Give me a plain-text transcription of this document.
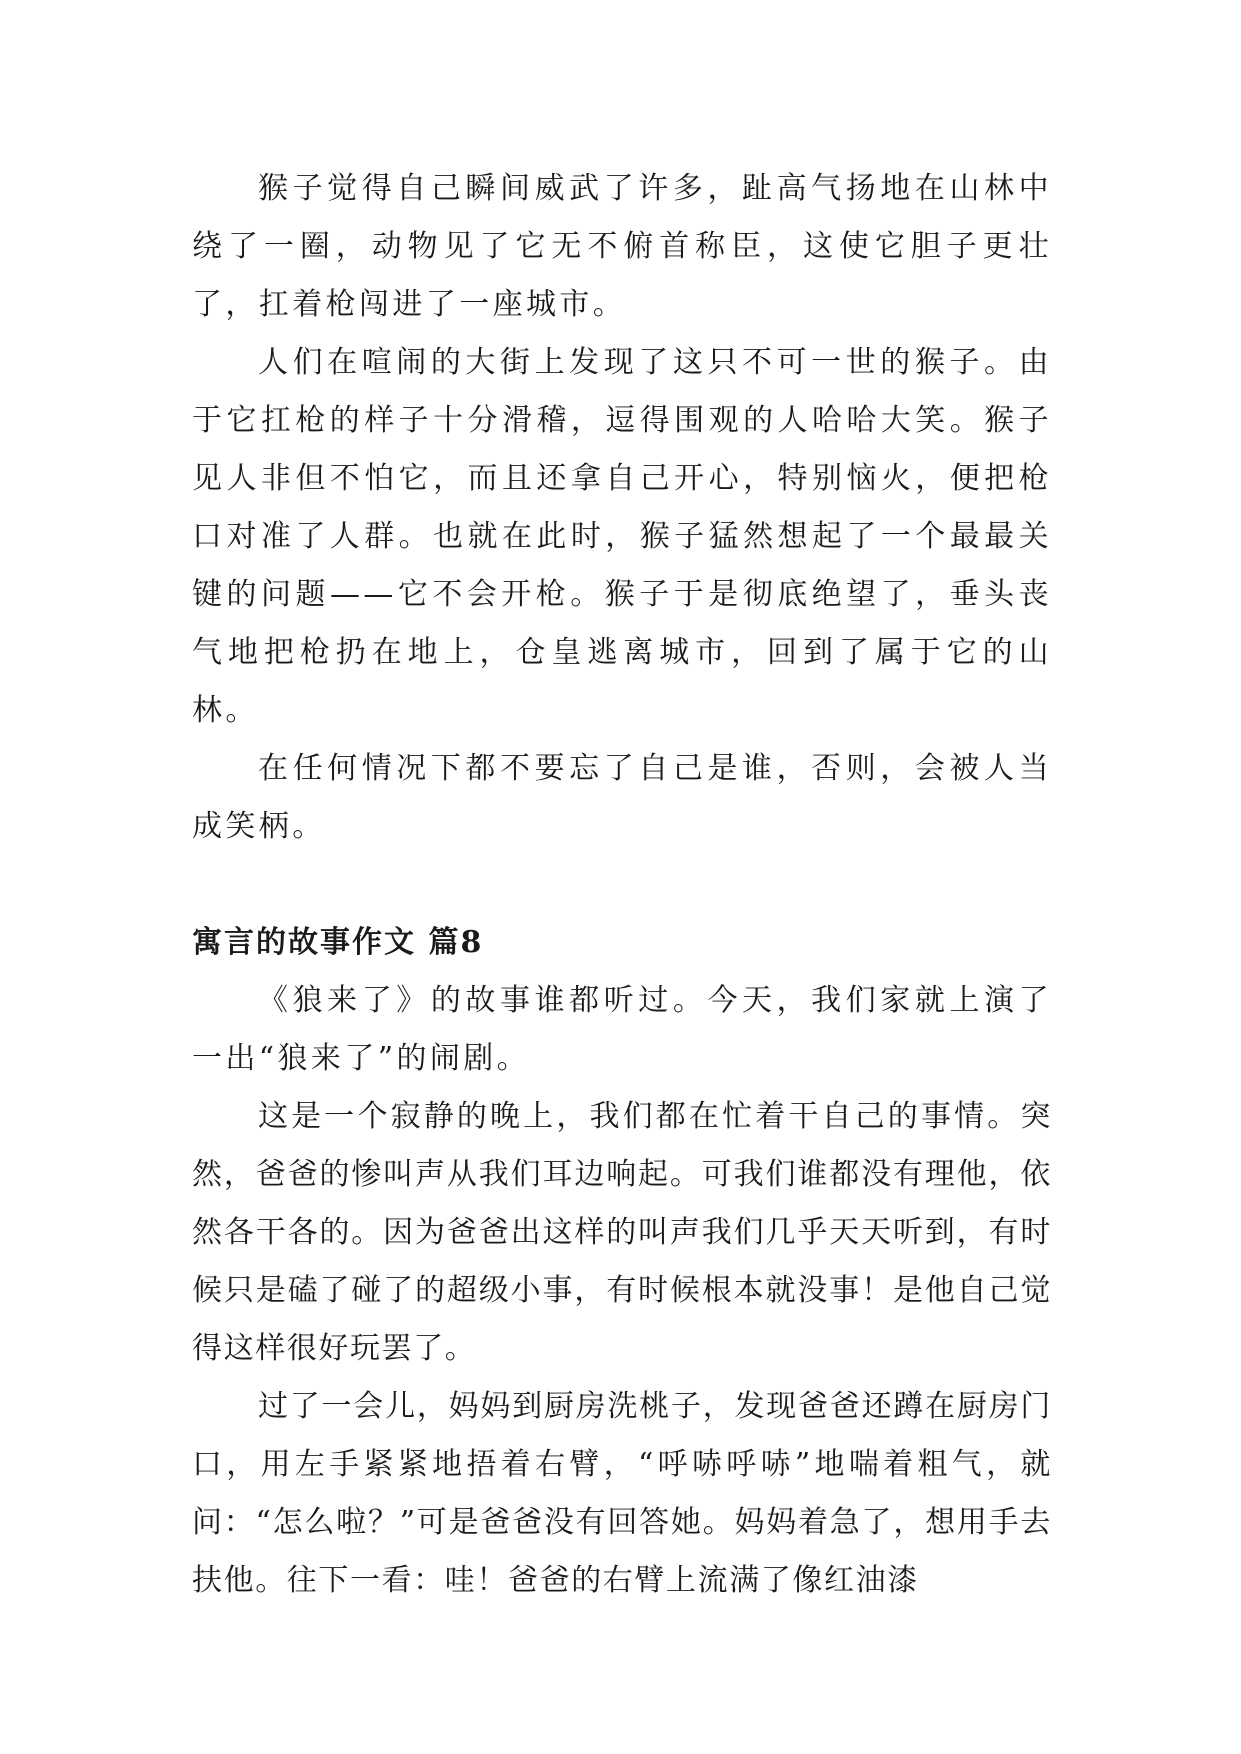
猴子觉得自己瞬间威武了许多，趾高气扬地在山林中绕了一圈，动物见了它无不俯首称臣，这使它胆子更壮了，扛着枪闯进了一座城市。

人们在喧闹的大街上发现了这只不可一世的猴子。由于它扛枪的样子十分滑稽，逗得围观的人哈哈大笑。猴子见人非但不怕它，而且还拿自己开心，特别恼火，便把枪口对准了人群。也就在此时，猴子猛然想起了一个最最关键的问题——它不会开枪。猴子于是彻底绝望了，垂头丧气地把枪扔在地上，仓皇逃离城市，回到了属于它的山林。

在任何情况下都不要忘了自己是谁，否则，会被人当成笑柄。

寓言的故事作文 篇8

《狼来了》的故事谁都听过。今天，我们家就上演了一出“狼来了”的闹剧。

这是一个寂静的晚上，我们都在忙着干自己的事情。突然，爸爸的惨叫声从我们耳边响起。可我们谁都没有理他，依然各干各的。因为爸爸出这样的叫声我们几乎天天听到，有时候只是磕了碰了的超级小事，有时候根本就没事！是他自己觉得这样很好玩罢了。

过了一会儿，妈妈到厨房洗桃子，发现爸爸还蹲在厨房门口，用左手紧紧地捂着右臂，“呼哧呼哧”地喘着粗气，就问：“怎么啦？”可是爸爸没有回答她。妈妈着急了，想用手去扶他。往下一看：哇！爸爸的右臂上流满了像红油漆
